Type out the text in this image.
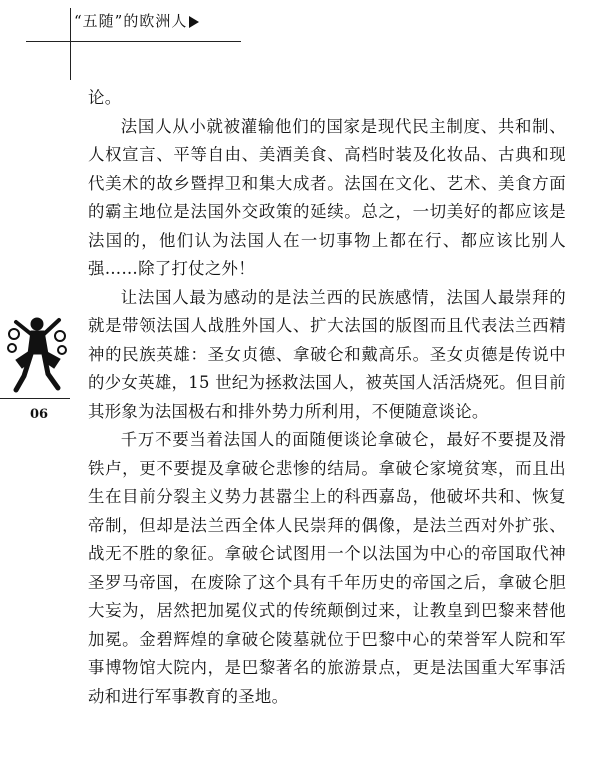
“五随”的欧洲人
06

论。

法国人从小就被灌输他们的国家是现代民主制度、共和制、人权宣言、平等自由、美酒美食、高档时装及化妆品、古典和现代美术的故乡暨捍卫和集大成者。法国在文化、艺术、美食方面的霸主地位是法国外交政策的延续。总之，一切美好的都应该是法国的，他们认为法国人在一切事物上都在行、都应该比别人强……除了打仗之外！

让法国人最为感动的是法兰西的民族感情，法国人最崇拜的就是带领法国人战胜外国人、扩大法国的版图而且代表法兰西精神的民族英雄：圣女贞德、拿破仑和戴高乐。圣女贞德是传说中的少女英雄，15 世纪为拯救法国人，被英国人活活烧死。但目前其形象为法国极右和排外势力所利用，不便随意谈论。

千万不要当着法国人的面随便谈论拿破仑，最好不要提及滑铁卢，更不要提及拿破仑悲惨的结局。拿破仑家境贫寒，而且出生在目前分裂主义势力甚嚣尘上的科西嘉岛，他破坏共和、恢复帝制，但却是法兰西全体人民崇拜的偶像，是法兰西对外扩张、战无不胜的象征。拿破仑试图用一个以法国为中心的帝国取代神圣罗马帝国，在废除了这个具有千年历史的帝国之后，拿破仑胆大妄为，居然把加冕仪式的传统颠倒过来，让教皇到巴黎来替他加冕。金碧辉煌的拿破仑陵墓就位于巴黎中心的荣誉军人院和军事博物馆大院内，是巴黎著名的旅游景点，更是法国重大军事活动和进行军事教育的圣地。
